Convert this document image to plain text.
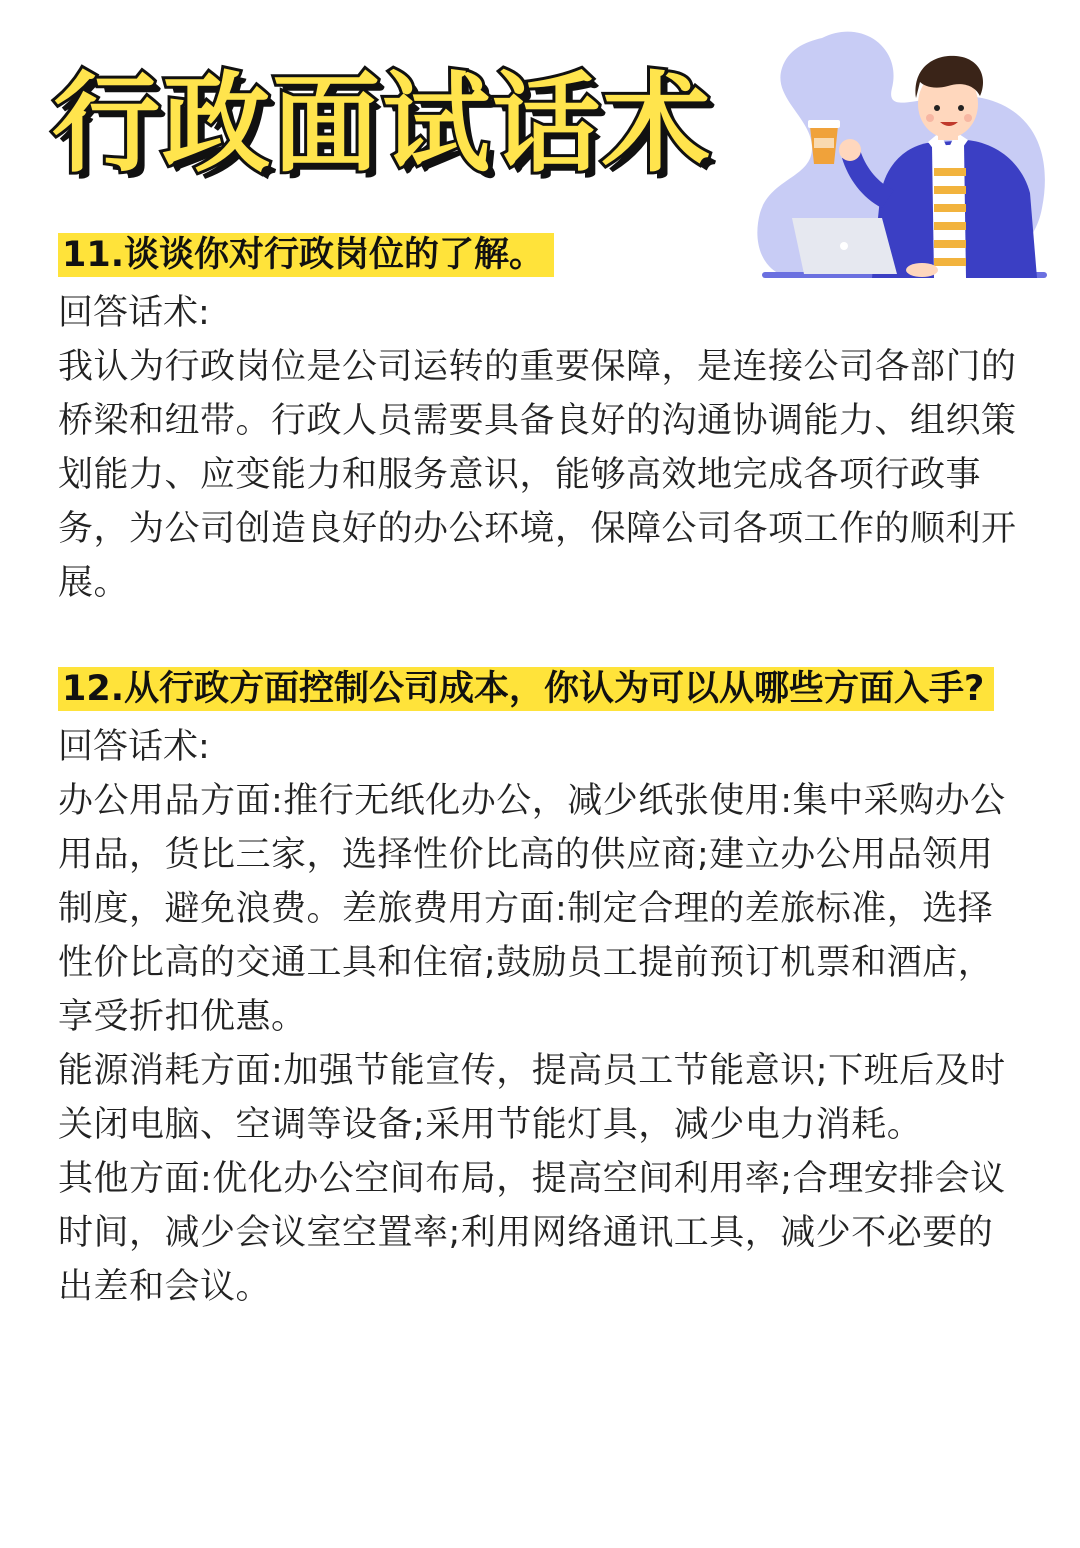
行政面试话术

11.谈谈你对行政岗位的了解。

回答话术:

我认为行政岗位是公司运转的重要保障，是连接公司各部门的桥梁和纽带。行政人员需要具备良好的沟通协调能力、组织策划能力、应变能力和服务意识，能够高效地完成各项行政事务，为公司创造良好的办公环境，保障公司各项工作的顺利开展。

12.从行政方面控制公司成本，你认为可以从哪些方面入手?

回答话术:

办公用品方面:推行无纸化办公，减少纸张使用:集中采购办公用品，货比三家，选择性价比高的供应商;建立办公用品领用制度，避免浪费。差旅费用方面:制定合理的差旅标准，选择性价比高的交通工具和住宿;鼓励员工提前预订机票和酒店，享受折扣优惠。

能源消耗方面:加强节能宣传，提高员工节能意识;下班后及时关闭电脑、空调等设备;采用节能灯具，减少电力消耗。

其他方面:优化办公空间布局，提高空间利用率;合理安排会议时间，减少会议室空置率;利用网络通讯工具，减少不必要的出差和会议。
